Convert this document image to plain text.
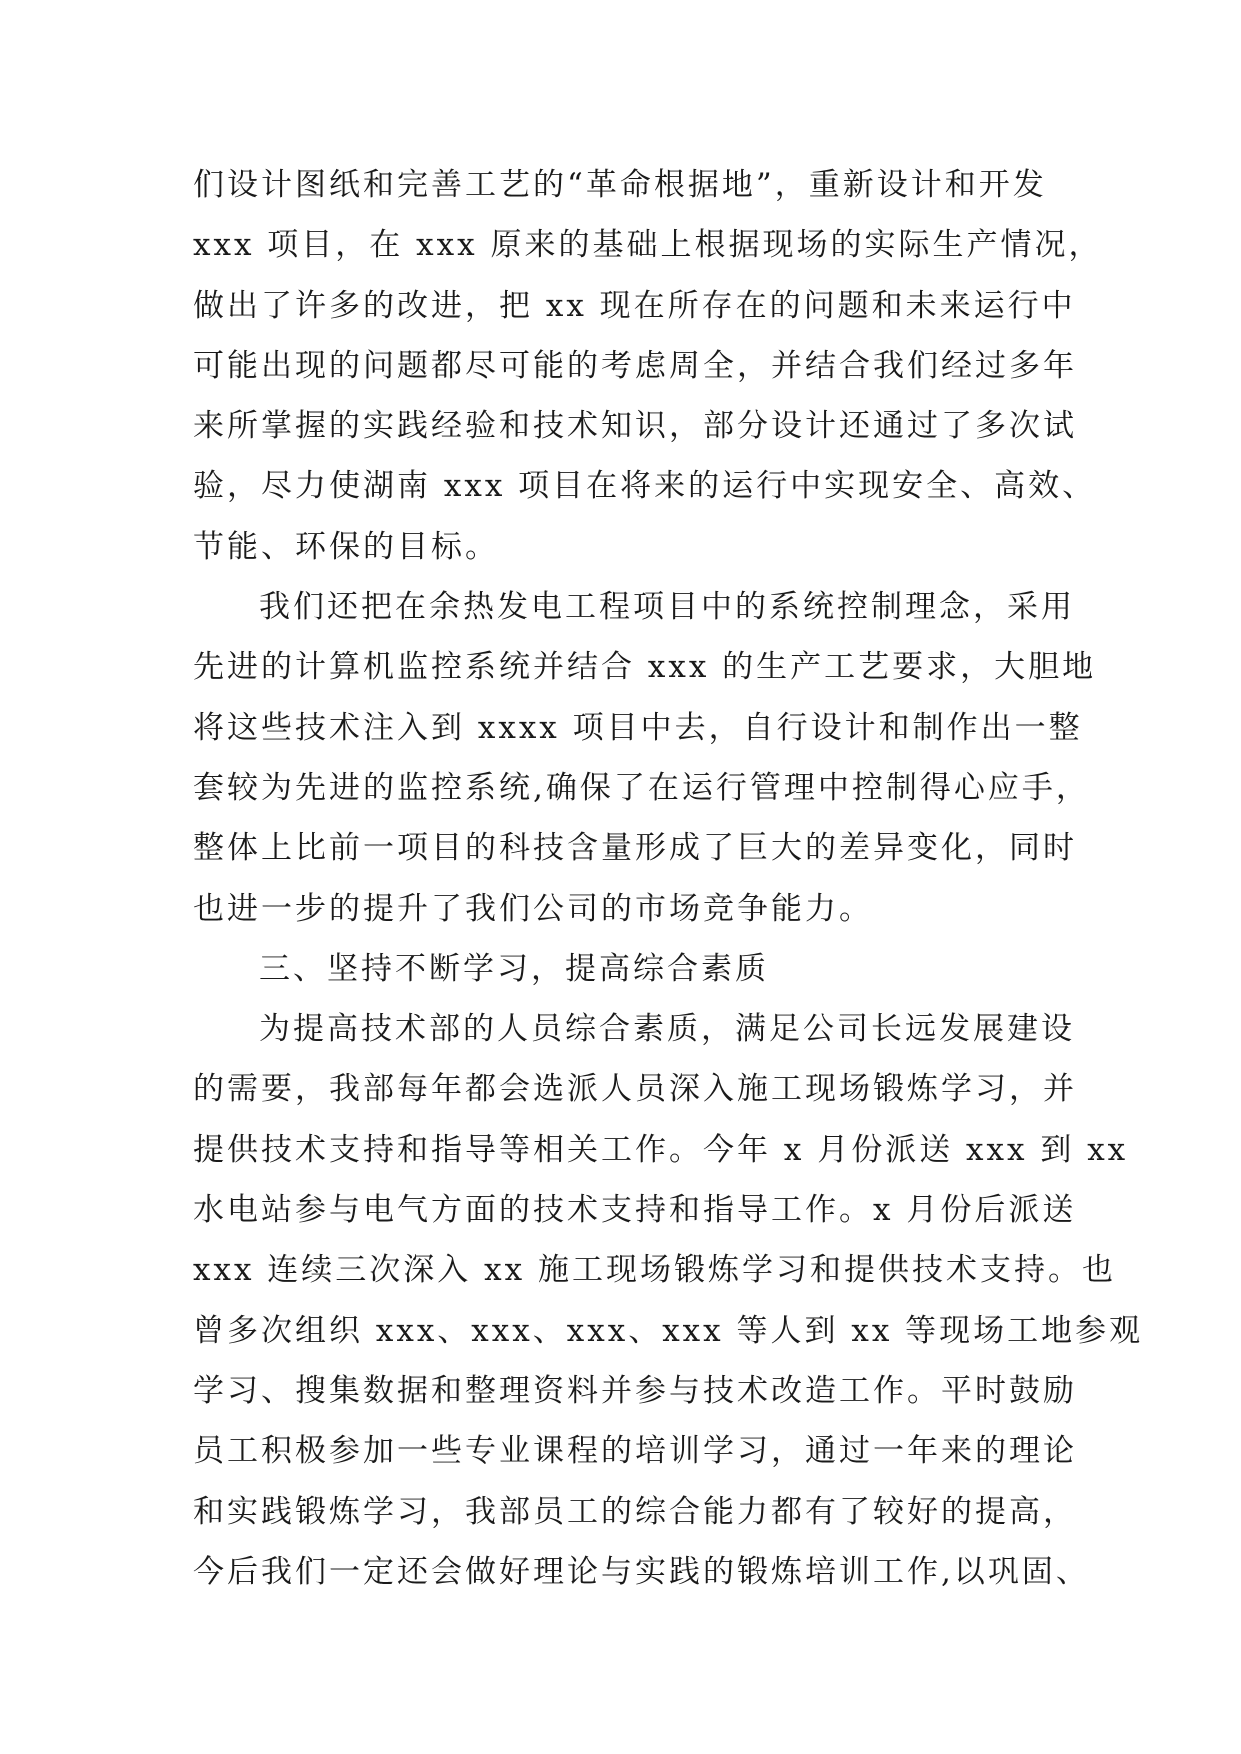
们设计图纸和完善工艺的“革命根据地”，重新设计和开发
xxx 项目，在 xxx 原来的基础上根据现场的实际生产情况，
做出了许多的改进，把 xx 现在所存在的问题和未来运行中
可能出现的问题都尽可能的考虑周全，并结合我们经过多年
来所掌握的实践经验和技术知识，部分设计还通过了多次试
验，尽力使湖南 xxx 项目在将来的运行中实现安全、高效、
节能、环保的目标。
我们还把在余热发电工程项目中的系统控制理念，采用
先进的计算机监控系统并结合 xxx 的生产工艺要求，大胆地
将这些技术注入到 xxxx 项目中去，自行设计和制作出一整
套较为先进的监控系统,确保了在运行管理中控制得心应手，
整体上比前一项目的科技含量形成了巨大的差异变化，同时
也进一步的提升了我们公司的市场竞争能力。
三、坚持不断学习，提高综合素质
为提高技术部的人员综合素质，满足公司长远发展建设
的需要，我部每年都会选派人员深入施工现场锻炼学习，并
提供技术支持和指导等相关工作。今年 x 月份派送 xxx 到 xx
水电站参与电气方面的技术支持和指导工作。x 月份后派送
xxx 连续三次深入 xx 施工现场锻炼学习和提供技术支持。也
曾多次组织 xxx、xxx、xxx、xxx 等人到 xx 等现场工地参观
学习、搜集数据和整理资料并参与技术改造工作。平时鼓励
员工积极参加一些专业课程的培训学习，通过一年来的理论
和实践锻炼学习，我部员工的综合能力都有了较好的提高，
今后我们一定还会做好理论与实践的锻炼培训工作,以巩固、
